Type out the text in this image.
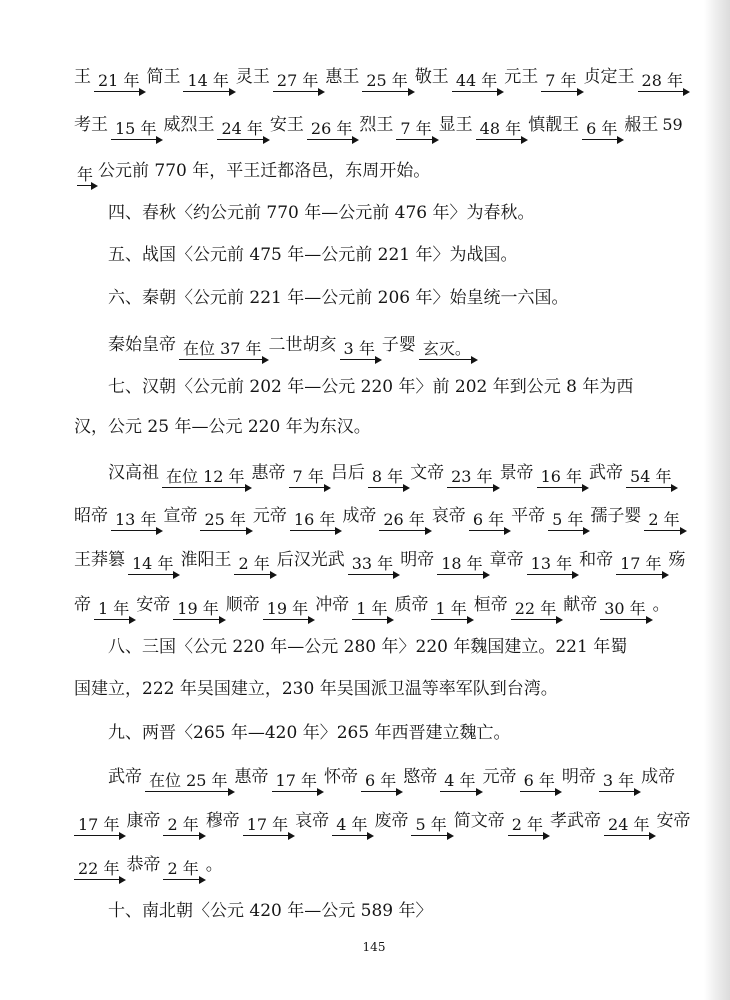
王 21 年 简王 14 年 灵王 27 年 惠王 25 年 敬王 44 年 元王 7 年 贞定王 28 年
考王 15 年 威烈王 24 年 安王 26 年 烈王 7 年 显王 48 年 慎靓王 6 年 赧王 59
年 公元前 770 年，平王迁都洛邑，东周开始。
四、春秋〈约公元前 770 年—公元前 476 年〉为春秋。
五、战国〈公元前 475 年—公元前 221 年〉为战国。
六、秦朝〈公元前 221 年—公元前 206 年〉始皇统一六国。
秦始皇帝 在位 37 年 二世胡亥 3 年 子婴 玄灭。
七、汉朝〈公元前 202 年—公元 220 年〉前 202 年到公元 8 年为西
汉，公元 25 年—公元 220 年为东汉。
汉高祖 在位 12 年 惠帝 7 年 吕后 8 年 文帝 23 年 景帝 16 年 武帝 54 年
昭帝 13 年 宣帝 25 年 元帝 16 年 成帝 26 年 哀帝 6 年 平帝 5 年 孺子婴 2 年
王莽篡 14 年 淮阳王 2 年 后汉光武 33 年 明帝 18 年 章帝 13 年 和帝 17 年 殇
帝 1 年 安帝 19 年 顺帝 19 年 冲帝 1 年 质帝 1 年 桓帝 22 年 献帝 30 年 。
八、三国〈公元 220 年—公元 280 年〉220 年魏国建立。221 年蜀
国建立，222 年吴国建立，230 年吴国派卫温等率军队到台湾。
九、两晋〈265 年—420 年〉265 年西晋建立魏亡。
武帝 在位 25 年 惠帝 17 年 怀帝 6 年 愍帝 4 年 元帝 6 年 明帝 3 年 成帝
17 年 康帝 2 年 穆帝 17 年 哀帝 4 年 废帝 5 年 简文帝 2 年 孝武帝 24 年 安帝
22 年 恭帝 2 年 。
十、南北朝〈公元 420 年—公元 589 年〉
145
